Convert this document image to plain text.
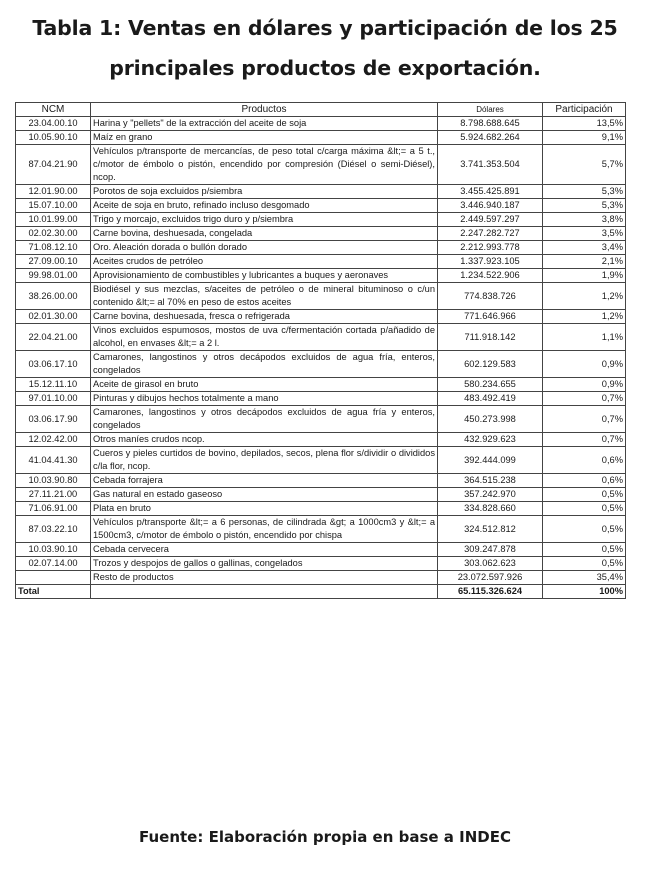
Tabla 1: Ventas en dólares y participación de los 25
principales productos de exportación.
NCM	Productos	Dólares	Participación
23.04.00.10	Harina y "pellets" de la extracción del aceite de soja	8.798.688.645	13,5%
10.05.90.10	Maíz en grano	5.924.682.264	9,1%
87.04.21.90	Vehículos p/transporte de mercancías, de peso total c/carga máxima &lt;= a 5 t., c/motor de émbolo o pistón, encendido por compresión (Diésel o semi-Diésel), ncop.	3.741.353.504	5,7%
12.01.90.00	Porotos de soja excluidos p/siembra	3.455.425.891	5,3%
15.07.10.00	Aceite de soja en bruto, refinado incluso desgomado	3.446.940.187	5,3%
10.01.99.00	Trigo y morcajo, excluidos trigo duro y p/siembra	2.449.597.297	3,8%
02.02.30.00	Carne bovina, deshuesada, congelada	2.247.282.727	3,5%
71.08.12.10	Oro. Aleación dorada o bullón dorado	2.212.993.778	3,4%
27.09.00.10	Aceites crudos de petróleo	1.337.923.105	2,1%
99.98.01.00	Aprovisionamiento de combustibles y lubricantes a buques y aeronaves	1.234.522.906	1,9%
38.26.00.00	Biodiésel y sus mezclas, s/aceites de petróleo o de mineral bituminoso o c/un contenido &lt;= al 70% en peso de estos aceites	774.838.726	1,2%
02.01.30.00	Carne bovina, deshuesada, fresca o refrigerada	771.646.966	1,2%
22.04.21.00	Vinos excluidos espumosos, mostos de uva c/fermentación cortada p/añadido de alcohol, en envases &lt;= a 2 l.	711.918.142	1,1%
03.06.17.10	Camarones, langostinos y otros decápodos excluidos de agua fría, enteros, congelados	602.129.583	0,9%
15.12.11.10	Aceite de girasol en bruto	580.234.655	0,9%
97.01.10.00	Pinturas y dibujos hechos totalmente a mano	483.492.419	0,7%
03.06.17.90	Camarones, langostinos y otros decápodos excluidos de agua fría y enteros, congelados	450.273.998	0,7%
12.02.42.00	Otros maníes crudos ncop.	432.929.623	0,7%
41.04.41.30	Cueros y pieles curtidos de bovino, depilados, secos, plena flor s/dividir o divididos c/la flor, ncop.	392.444.099	0,6%
10.03.90.80	Cebada forrajera	364.515.238	0,6%
27.11.21.00	Gas natural en estado gaseoso	357.242.970	0,5%
71.06.91.00	Plata en bruto	334.828.660	0,5%
87.03.22.10	Vehículos p/transporte &lt;= a 6 personas, de cilindrada &gt; a 1000cm3 y &lt;= a 1500cm3, c/motor de émbolo o pistón, encendido por chispa	324.512.812	0,5%
10.03.90.10	Cebada cervecera	309.247.878	0,5%
02.07.14.00	Trozos y despojos de gallos o gallinas, congelados	303.062.623	0,5%
	Resto de productos	23.072.597.926	35,4%
Total		65.115.326.624	100%
Fuente: Elaboración propia en base a INDEC
